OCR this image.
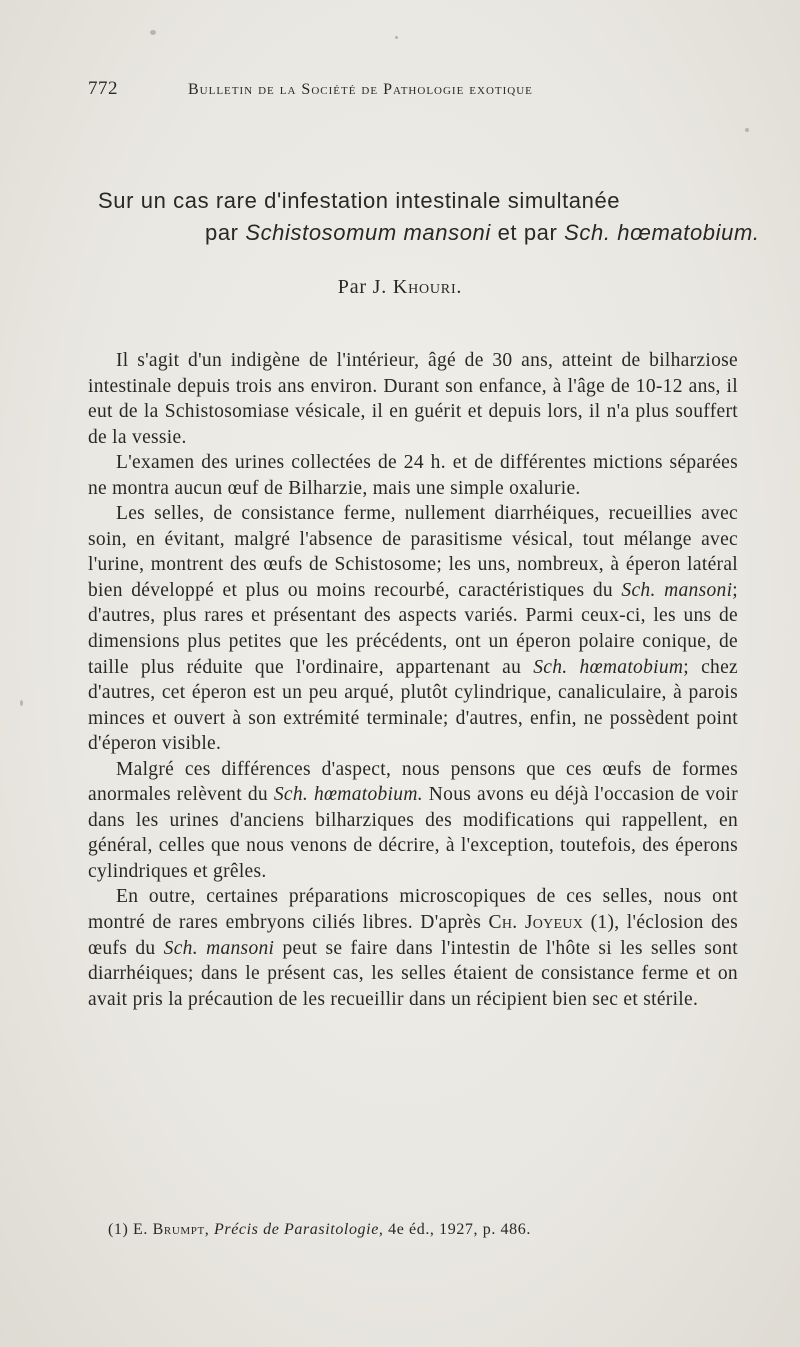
772	Bulletin de la Société de Pathologie exotique
Sur un cas rare d'infestation intestinale simultanée
par Schistosomum mansoni et par Sch. hœmatobium.
Par J. Khouri.

Il s'agit d'un indigène de l'intérieur, âgé de 30 ans, atteint de bilharziose intestinale depuis trois ans environ. Durant son enfance, à l'âge de 10-12 ans, il eut de la Schistosomiase vésicale, il en guérit et depuis lors, il n'a plus souffert de la vessie.

L'examen des urines collectées de 24 h. et de différentes mictions séparées ne montra aucun œuf de Bilharzie, mais une simple oxalurie.

Les selles, de consistance ferme, nullement diarrhéiques, recueillies avec soin, en évitant, malgré l'absence de parasitisme vésical, tout mélange avec l'urine, montrent des œufs de Schistosome; les uns, nombreux, à éperon latéral bien développé et plus ou moins recourbé, caractéristiques du Sch. mansoni; d'autres, plus rares et présentant des aspects variés. Parmi ceux-ci, les uns de dimensions plus petites que les précédents, ont un éperon polaire conique, de taille plus réduite que l'ordinaire, appartenant au Sch. hœmatobium; chez d'autres, cet éperon est un peu arqué, plutôt cylindrique, canaliculaire, à parois minces et ouvert à son extrémité terminale; d'autres, enfin, ne possèdent point d'éperon visible.

Malgré ces différences d'aspect, nous pensons que ces œufs de formes anormales relèvent du Sch. hœmatobium. Nous avons eu déjà l'occasion de voir dans les urines d'anciens bilharziques des modifications qui rappellent, en général, celles que nous venons de décrire, à l'exception, toutefois, des éperons cylindriques et grêles.

En outre, certaines préparations microscopiques de ces selles, nous ont montré de rares embryons ciliés libres. D'après Ch. Joyeux (1), l'éclosion des œufs du Sch. mansoni peut se faire dans l'intestin de l'hôte si les selles sont diarrhéiques; dans le présent cas, les selles étaient de consistance ferme et on avait pris la précaution de les recueillir dans un récipient bien sec et stérile.

(1) E. Brumpt, Précis de Parasitologie, 4e éd., 1927, p. 486.
